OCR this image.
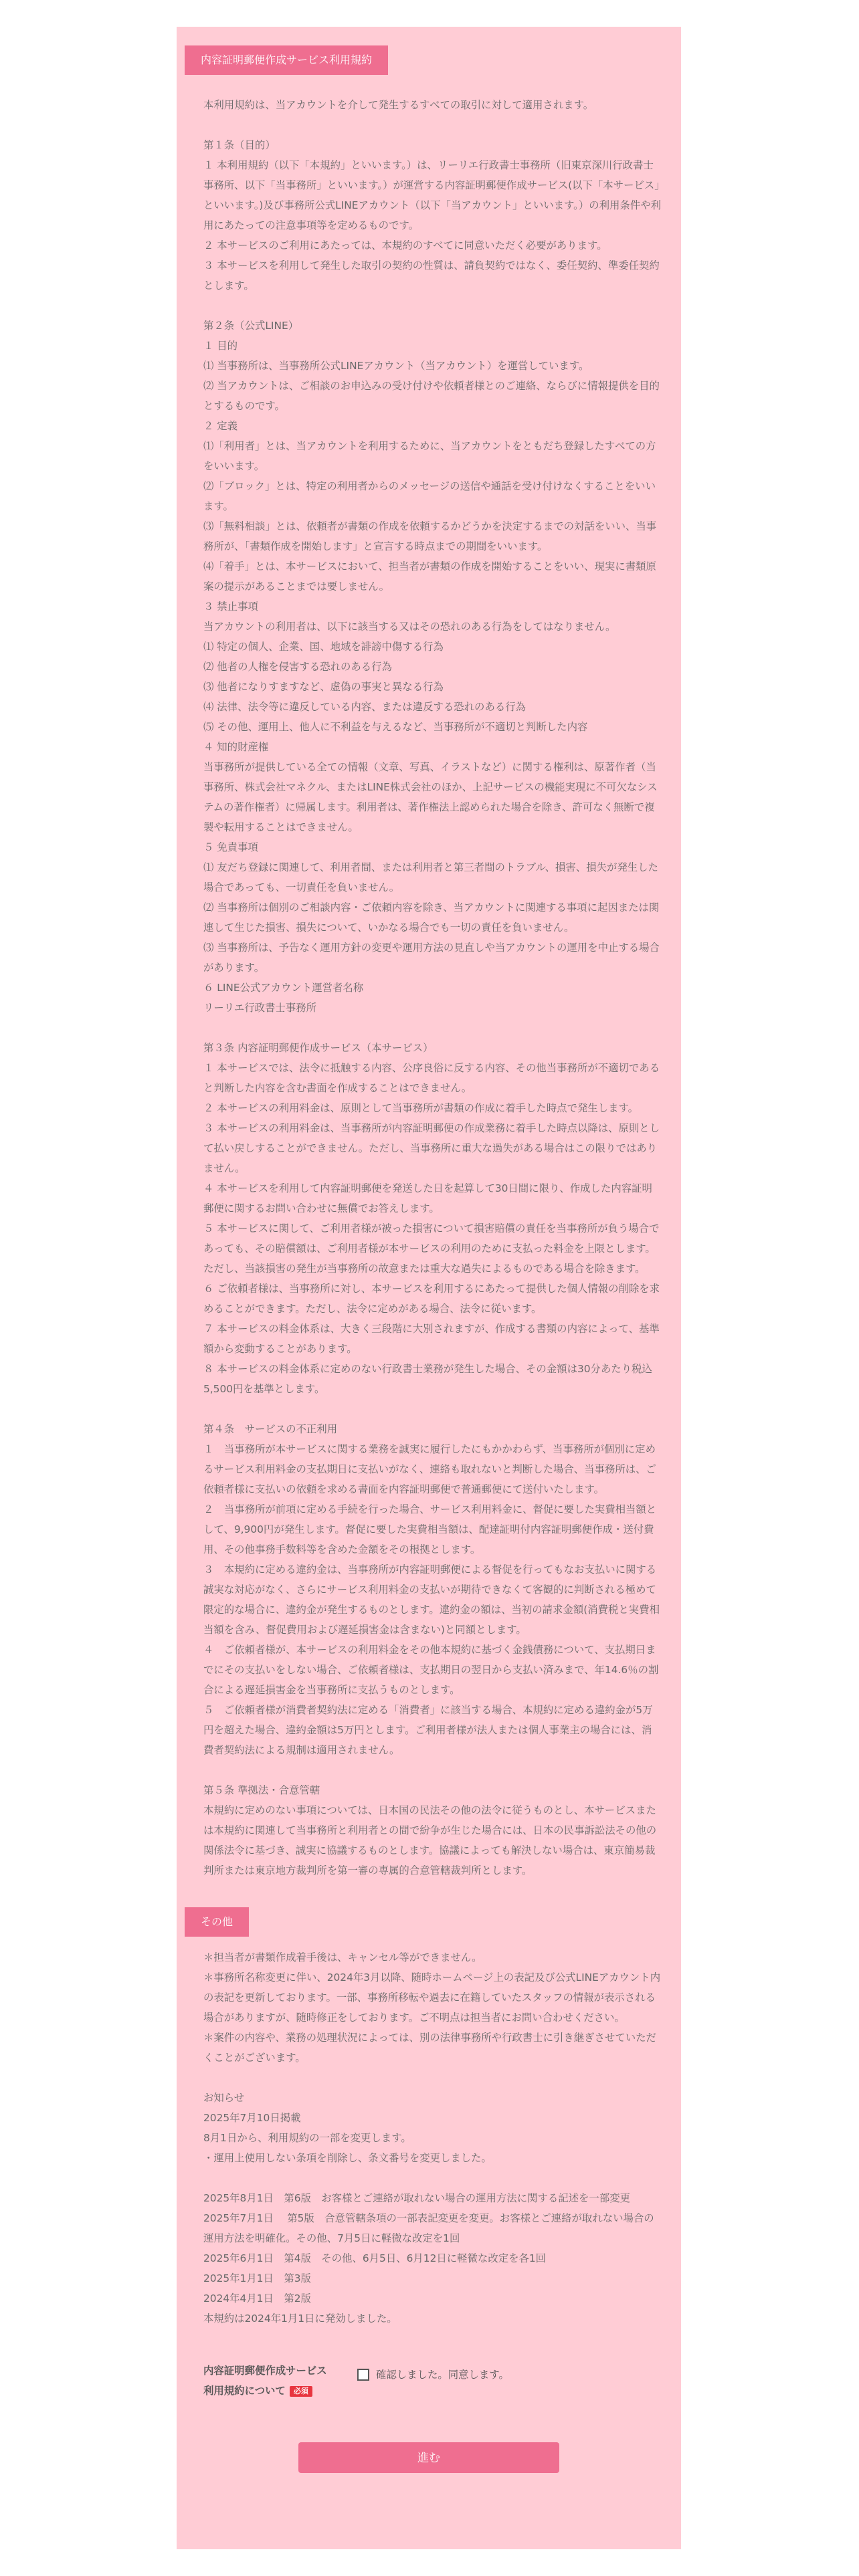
内容証明郵便作成サービス利用規約

本利用規約は、当アカウントを介して発生するすべての取引に対して適用されます。

第１条（目的）

１ 本利用規約（以下「本規約」といいます。）は、リーリエ行政書士事務所（旧東京深川行政書士事務所、以下「当事務所」といいます。）が運営する内容証明郵便作成サービス(以下「本サービス」といいます。)及び事務所公式LINEアカウント（以下「当アカウント」といいます。）の利用条件や利用にあたっての注意事項等を定めるものです。

２ 本サービスのご利用にあたっては、本規約のすべてに同意いただく必要があります。

３ 本サービスを利用して発生した取引の契約の性質は、請負契約ではなく、委任契約、準委任契約とします。

第２条（公式LINE）

１ 目的

⑴ 当事務所は、当事務所公式LINEアカウント（当アカウント）を運営しています。

⑵ 当アカウントは、ご相談のお申込みの受け付けや依頼者様とのご連絡、ならびに情報提供を目的とするものです。

２ 定義

⑴「利用者」とは、当アカウントを利用するために、当アカウントをともだち登録したすべての方をいいます。

⑵「ブロック」とは、特定の利用者からのメッセージの送信や通話を受け付けなくすることをいいます。

⑶「無料相談」とは、依頼者が書類の作成を依頼するかどうかを決定するまでの対話をいい、当事務所が、「書類作成を開始します」と宣言する時点までの期間をいいます。

⑷「着手」とは、本サービスにおいて、担当者が書類の作成を開始することをいい、現実に書類原案の提示があることまでは要しません。

３ 禁止事項

当アカウントの利用者は、以下に該当する又はその恐れのある行為をしてはなりません。

⑴ 特定の個人、企業、国、地域を誹謗中傷する行為

⑵ 他者の人権を侵害する恐れのある行為

⑶ 他者になりすますなど、虚偽の事実と異なる行為

⑷ 法律、法令等に違反している内容、または違反する恐れのある行為

⑸ その他、運用上、他人に不利益を与えるなど、当事務所が不適切と判断した内容

４ 知的財産権

当事務所が提供している全ての情報（文章、写真、イラストなど）に関する権利は、原著作者（当事務所、株式会社マネクル、またはLINE株式会社のほか、上記サービスの機能実現に不可欠なシステムの著作権者）に帰属します。利用者は、著作権法上認められた場合を除き、許可なく無断で複製や転用することはできません。

５ 免責事項

⑴ 友だち登録に関連して、利用者間、または利用者と第三者間のトラブル、損害、損失が発生した場合であっても、一切責任を負いません。

⑵ 当事務所は個別のご相談内容・ご依頼内容を除き、当アカウントに関連する事項に起因または関連して生じた損害、損失について、いかなる場合でも一切の責任を負いません。

⑶ 当事務所は、予告なく運用方針の変更や運用方法の見直しや当アカウントの運用を中止する場合があります。

６ LINE公式アカウント運営者名称

リーリエ行政書士事務所

第３条 内容証明郵便作成サービス（本サービス）

１ 本サービスでは、法令に抵触する内容、公序良俗に反する内容、その他当事務所が不適切であると判断した内容を含む書面を作成することはできません。

２ 本サービスの利用料金は、原則として当事務所が書類の作成に着手した時点で発生します。

３ 本サービスの利用料金は、当事務所が内容証明郵便の作成業務に着手した時点以降は、原則として払い戻しすることができません。ただし、当事務所に重大な過失がある場合はこの限りではありません。

４ 本サービスを利用して内容証明郵便を発送した日を起算して30日間に限り、作成した内容証明郵便に関するお問い合わせに無償でお答えします。

５ 本サービスに関して、ご利用者様が被った損害について損害賠償の責任を当事務所が負う場合であっても、その賠償額は、ご利用者様が本サービスの利用のために支払った料金を上限とします。ただし、当該損害の発生が当事務所の故意または重大な過失によるものである場合を除きます。

６ ご依頼者様は、当事務所に対し、本サービスを利用するにあたって提供した個人情報の削除を求めることができます。ただし、法令に定めがある場合、法令に従います。

７ 本サービスの料金体系は、大きく三段階に大別されますが、作成する書類の内容によって、基準額から変動することがあります。

８ 本サービスの料金体系に定めのない行政書士業務が発生した場合、その金額は30分あたり税込5,500円を基準とします。

第４条　サービスの不正利用

１　当事務所が本サービスに関する業務を誠実に履行したにもかかわらず、当事務所が個別に定めるサービス利用料金の支払期日に支払いがなく、連絡も取れないと判断した場合、当事務所は、ご依頼者様に支払いの依頼を求める書面を内容証明郵便で普通郵便にて送付いたします。

２　当事務所が前項に定める手続を行った場合、サービス利用料金に、督促に要した実費相当額として、9,900円が発生します。督促に要した実費相当額は、配達証明付内容証明郵便作成・送付費用、その他事務手数料等を含めた金額をその根拠とします。

３　本規約に定める違約金は、当事務所が内容証明郵便による督促を行ってもなお支払いに関する誠実な対応がなく、さらにサービス利用料金の支払いが期待できなくて客観的に判断される極めて限定的な場合に、違約金が発生するものとします。違約金の額は、当初の請求金額(消費税と実費相当額を含み、督促費用および遅延損害金は含まない)と同額とします。

４　ご依頼者様が、本サービスの利用料金をその他本規約に基づく金銭債務について、支払期日までにその支払いをしない場合、ご依頼者様は、支払期日の翌日から支払い済みまで、年14.6％の割合による遅延損害金を当事務所に支払うものとします。

５　ご依頼者様が消費者契約法に定める「消費者」に該当する場合、本規約に定める違約金が5万円を超えた場合、違約金額は5万円とします。ご利用者様が法人または個人事業主の場合には、消費者契約法による規制は適用されません。

第５条 準拠法・合意管轄

本規約に定めのない事項については、日本国の民法その他の法令に従うものとし、本サービスまたは本規約に関連して当事務所と利用者との間で紛争が生じた場合には、日本の民事訴訟法その他の関係法令に基づき、誠実に協議するものとします。協議によっても解決しない場合は、東京簡易裁判所または東京地方裁判所を第一審の専属的合意管轄裁判所とします。

その他

＊担当者が書類作成着手後は、キャンセル等ができません。

＊事務所名称変更に伴い、2024年3月以降、随時ホームページ上の表記及び公式LINEアカウント内の表記を更新しております。一部、事務所移転や過去に在籍していたスタッフの情報が表示される場合がありますが、随時修正をしております。ご不明点は担当者にお問い合わせください。

＊案件の内容や、業務の処理状況によっては、別の法律事務所や行政書士に引き継ぎさせていただくことがございます。

お知らせ

2025年7月10日掲載

8月1日から、利用規約の一部を変更します。

・運用上使用しない条項を削除し、条文番号を変更しました。

2025年8月1日　第6版　お客様とご連絡が取れない場合の運用方法に関する記述を一部変更

2025年7月1日　 第5版　合意管轄条項の一部表記変更を変更。お客様とご連絡が取れない場合の運用方法を明確化。その他、7月5日に軽微な改定を1回

2025年6月1日　第4版　その他、6月5日、6月12日に軽微な改定を各1回

2025年1月1日　第3版

2024年4月1日　第2版

本規約は2024年1月1日に発効しました。

内容証明郵便作成サービス
利用規約について 必須
確認しました。同意します。
進む
